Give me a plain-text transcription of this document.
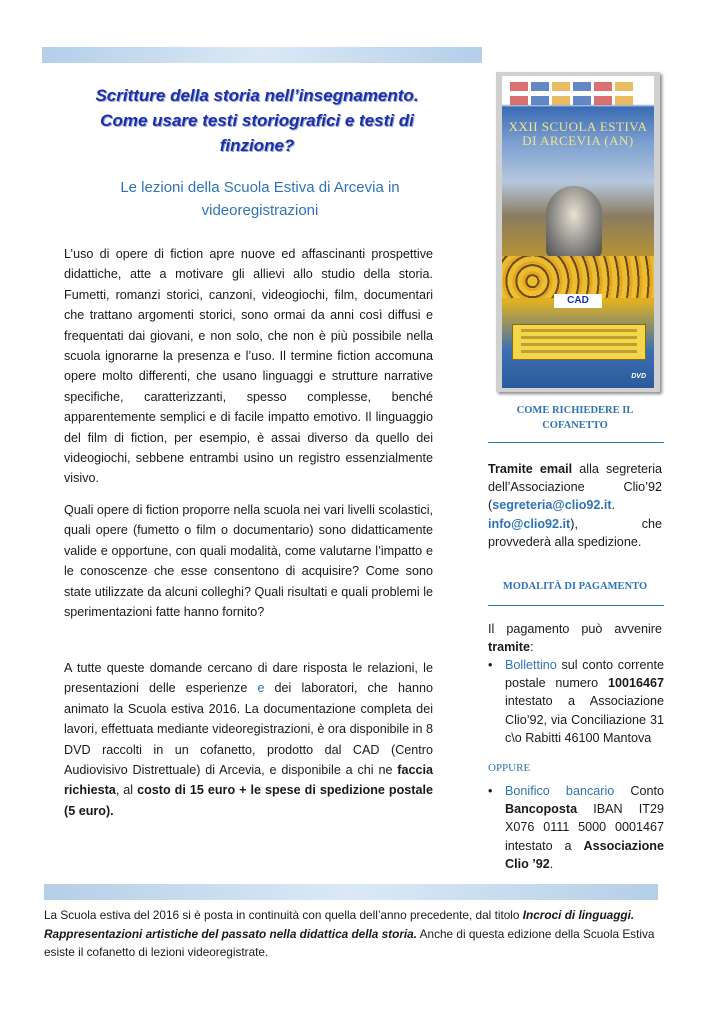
Scritture della storia nell’insegnamento.
Come usare testi storiografici e testi di
finzione?
Le lezioni della Scuola Estiva di Arcevia in
videoregistrazioni

L’uso di opere di fiction apre nuove ed affascinanti prospettive didattiche, atte a motivare gli allievi allo studio della storia. Fumetti, romanzi storici, canzoni, videogiochi, film, documentari che trattano argomenti storici, sono ormai da anni così diffusi e frequentati dai giovani, e non solo, che non è più possibile nella scuola ignorarne la presenza e l’uso. Il termine fiction accomuna opere molto differenti, che usano linguaggi e strutture narrative specifiche, caratterizzanti, spesso complesse, benché apparentemente semplici e di facile impatto emotivo. Il linguaggio del film di fiction, per esempio, è assai diverso da quello dei videogiochi, sebbene entrambi usino un registro essenzialmente visivo.

Quali opere di fiction proporre nella scuola nei vari livelli scolastici, quali opere (fumetto o film o documentario) sono didatticamente valide e opportune, con quali modalità, come valutarne l’impatto e le conoscenze che esse consentono di acquisire? Come sono state utilizzate da alcuni colleghi? Quali risultati e quali problemi le sperimentazioni fatte hanno fornito?

A tutte queste domande cercano di dare risposta le relazioni, le presentazioni delle esperienze e dei laboratori, che hanno animato la Scuola estiva 2016. La documentazione completa dei lavori, effettuata mediante videoregistrazioni, è ora disponibile in 8 DVD raccolti in un cofanetto, prodotto dal CAD (Centro Audiovisivo Distrettuale) di Arcevia, e disponibile a chi ne faccia richiesta, al costo di 15 euro + le spese di spedizione postale (5 euro).

XXII SCUOLA ESTIVA
DI ARCEVIA (AN)
CAD
DVD
COME RICHIEDERE IL
COFANETTO

Tramite email alla segreteria dell’Associazione Clio’92 (segreteria@clio92.it. info@clio92.it), che provvederà alla spedizione.

MODALITÀ DI PAGAMENTO

Il pagamento può avvenire tramite:

• Bollettino sul conto corrente postale numero 10016467 intestato a Associazione Clio’92, via Conciliazione 31 c\o Rabitti 46100 Mantova
OPPURE
• Bonifico bancario Conto Bancoposta IBAN IT29 X076 0111 5000 0001467 intestato a Associazione Clio ’92.

La Scuola estiva del 2016 si è posta in continuità con quella dell’anno precedente, dal titolo Incroci di linguaggi. Rappresentazioni artistiche del passato nella didattica della storia. Anche di questa edizione della Scuola Estiva esiste il cofanetto di lezioni videoregistrate.
